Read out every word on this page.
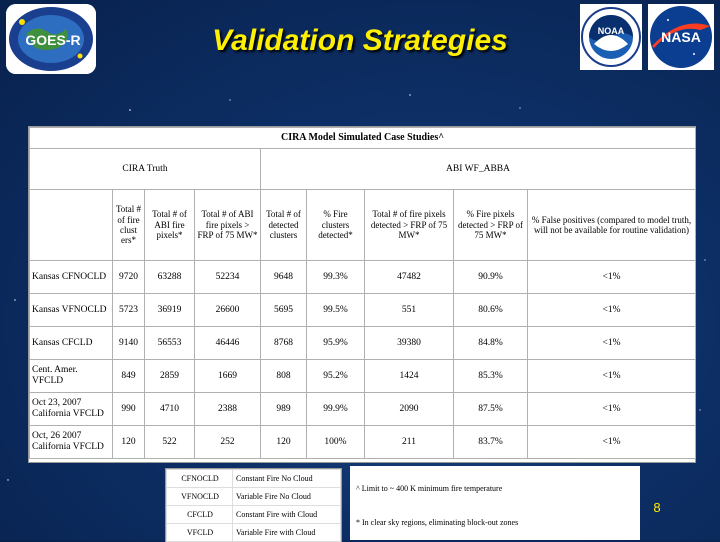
GOES-R	Validation Strategies	NOAA	NASA
CIRA Model Simulated Case Studies^								
CIRA Truth				ABI WF_ABBA				
	Total # of fire clust ers*	Total # of ABI fire pixels*	Total # of ABI fire pixels > FRP of 75 MW*	Total # of detected clusters	% Fire clusters detected*	Total # of fire pixels detected > FRP of 75 MW*	% Fire pixels detected > FRP of 75 MW*	% False positives (compared to model truth, will not be available for routine validation)
Kansas CFNOCLD	9720	63288	52234	9648	99.3%	47482	90.9%	<1%
Kansas VFNOCLD	5723	36919	26600	5695	99.5%	551	80.6%	<1%
Kansas CFCLD	9140	56553	46446	8768	95.9%	39380	84.8%	<1%
Cent. Amer. VFCLD	849	2859	1669	808	95.2%	1424	85.3%	<1%
Oct 23, 2007 California VFCLD	990	4710	2388	989	99.9%	2090	87.5%	<1%
Oct, 26 2007 California VFCLD	120	522	252	120	100%	211	83.7%	<1%
CFNOCLD	Constant Fire No Cloud
VFNOCLD	Variable Fire No Cloud
CFCLD	Constant Fire with Cloud
VFCLD	Variable Fire with Cloud
^ Limit to ~ 400 K minimum fire temperature
* In clear sky regions, eliminating block-out zones
8
